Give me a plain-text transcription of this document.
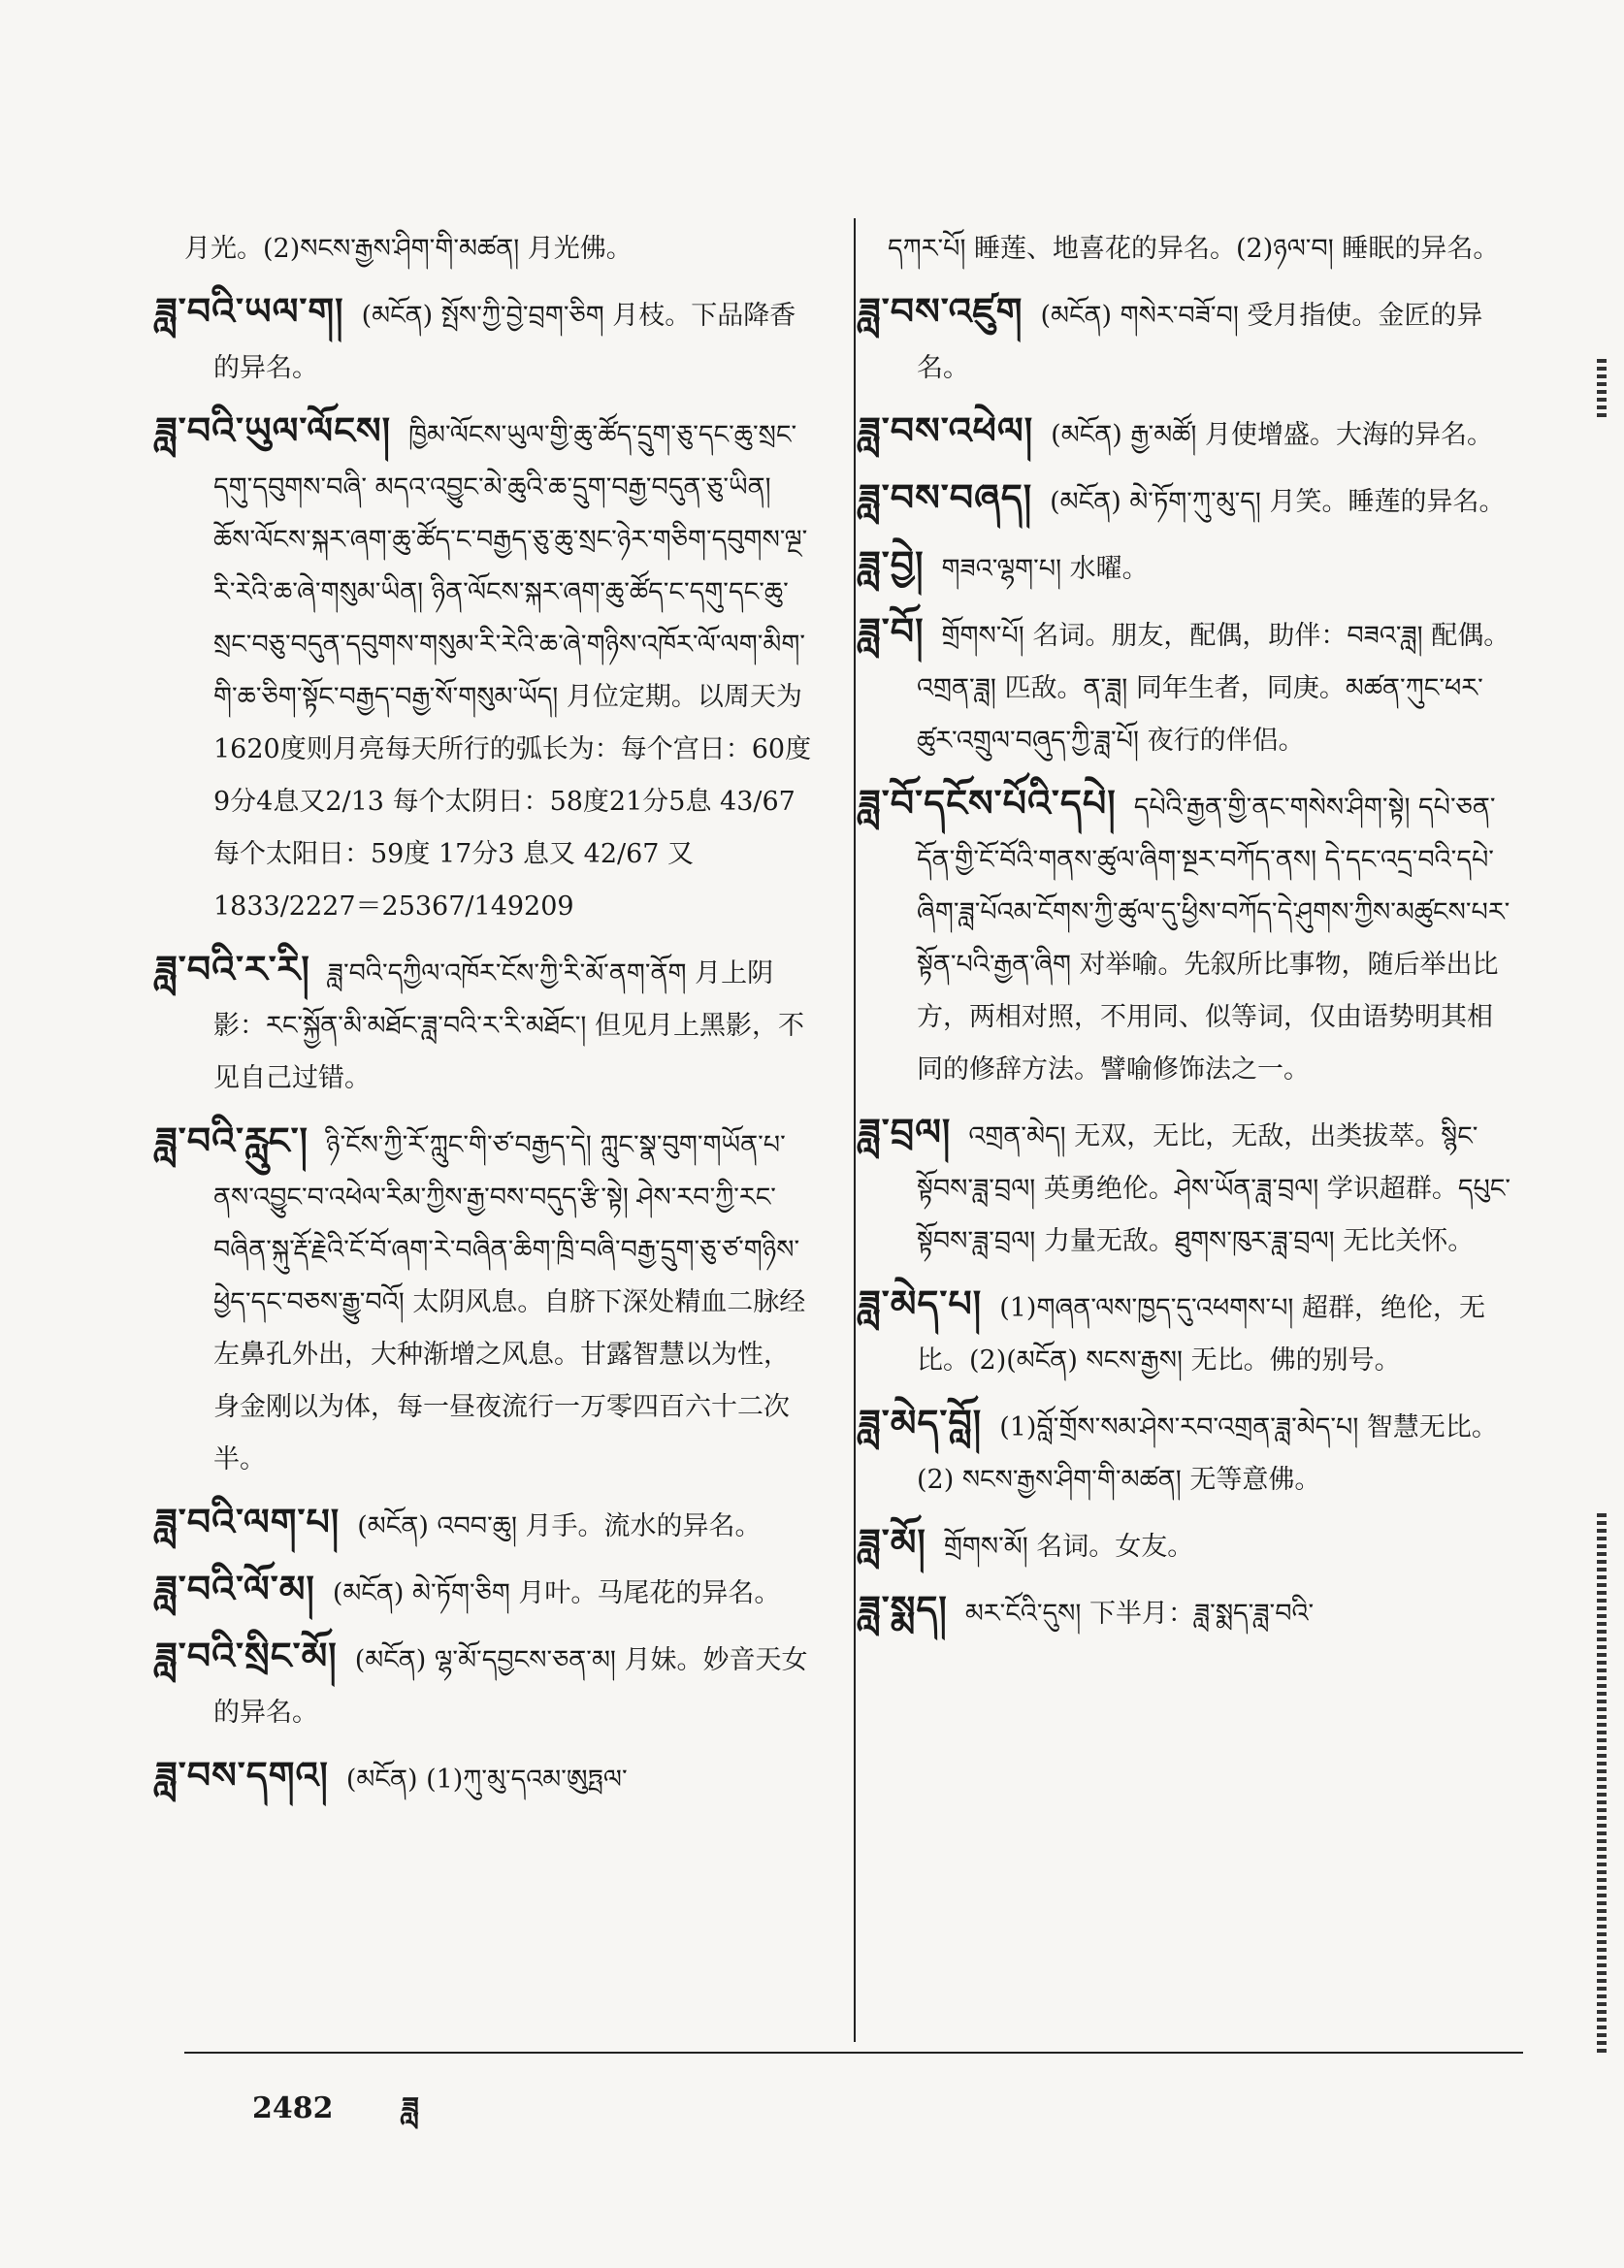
月光。(2)སངས་རྒྱས་ཤིག་གི་མཚན། 月光佛。

ཟླ་བའི་ཡལ་ག། (མངོན) སྤོས་ཀྱི་བྱེ་བྲག་ཅིག 月枝。下品降香的异名。

ཟླ་བའི་ཡུལ་ལོངས། ཁྱིམ་ལོངས་ཡུལ་གྱི་ཆུ་ཚོད་དྲུག་ཅུ་དང་ཆུ་སྲང་དགུ་དབུགས་བཞི་ མདའ་འབྱུང་མེ་ཆུའི་ཆ་དྲུག་བརྒྱ་བདུན་ཅུ་ཡིན། ཆོས་ལོངས་སྐར་ཞག་ཆུ་ཚོད་ང་བརྒྱད་ཅུ་ཆུ་སྲང་ཉེར་གཅིག་དབུགས་ལྔ་རི་རེའི་ཆ་ཞེ་གསུམ་ཡིན། ཉིན་ལོངས་སྐར་ཞག་ཆུ་ཚོད་ང་དགུ་དང་ཆུ་སྲང་བཅུ་བདུན་དབུགས་གསུམ་རི་རེའི་ཆ་ཞེ་གཉིས་འཁོར་ལོ་ལག་མིག་གི་ཆ་ཅིག་སྟོང་བརྒྱད་བརྒྱ་སོ་གསུམ་ཡོད། 月位定期。以周天为1620度则月亮每天所行的弧长为：每个宫日：60度9分4息又2/13 每个太阴日：58度21分5息 43/67 每个太阳日：59度 17分3 息又 42/67 又 1833/2227＝25367/149209

ཟླ་བའི་ར་རི། ཟླ་བའི་དཀྱིལ་འཁོར་ངོས་ཀྱི་རི་མོ་ནག་ནོག 月上阴影：རང་སྐྱོན་མི་མཐོང་ཟླ་བའི་ར་རི་མཐོང་། 但见月上黑影，不见自己过错。

ཟླ་བའི་རླུང་། ཉི་ངོས་ཀྱི་རོ་ཀླུང་གི་ཙ་བརྒྱད་དེ། ཀླུང་སྣ་བུག་གཡོན་པ་ནས་འབྱུང་བ་འཕེལ་རིམ་ཀྱིས་རྒྱ་བས་བདུད་རྩི་སྟེ། ཤེས་རབ་ཀྱི་རང་བཞིན་སྐུ་རྡོ་རྗེའི་ངོ་བོ་ཞག་རེ་བཞིན་ཆིག་ཁྲི་བཞི་བརྒྱ་དྲུག་ཅུ་ཙ་གཉིས་ཕྱེད་དང་བཅས་རྒྱུ་བའོ། 太阴风息。自脐下深处精血二脉经左鼻孔外出，大种渐增之风息。甘露智慧以为性，身金刚以为体，每一昼夜流行一万零四百六十二次半。

ཟླ་བའི་ལག་པ། (མངོན) འབབ་ཆུ། 月手。流水的异名。

ཟླ་བའི་ལོ་མ། (མངོན) མེ་ཏོག་ཅིག 月叶。马尾花的异名。

ཟླ་བའི་སྲིང་མོ། (མངོན) ལྷ་མོ་དབྱངས་ཅན་མ། 月妹。妙音天女的异名。

ཟླ་བས་དགའ། (མངོན) (1)ཀུ་མུ་དའམ་ཨུཏྤལ་

དཀར་པོ། 睡莲、地喜花的异名。(2)ཉལ་བ། 睡眠的异名。

ཟླ་བས་འཛུག (མངོན) གསེར་བཟོ་བ། 受月指使。金匠的异名。

ཟླ་བས་འཕེལ། (མངོན) རྒྱ་མཚོ། 月使增盛。大海的异名。

ཟླ་བས་བཞད། (མངོན) མེ་ཏོག་ཀུ་མུ་ད། 月笑。睡莲的异名。

ཟླ་བྱེ། གཟའ་ལྷག་པ། 水曜。

ཟླ་བོ། གྲོགས་པོ། 名词。朋友，配偶，助伴：བཟའ་ཟླ། 配偶。འགྲན་ཟླ། 匹敌。ན་ཟླ། 同年生者，同庚。མཚན་ཀུང་ཕར་ཚུར་འགྲུལ་བཞུད་ཀྱི་ཟླ་པོ། 夜行的伴侣。

ཟླ་བོ་དངོས་པོའི་དཔེ། དཔེའི་རྒྱན་གྱི་ནང་གསེས་ཤིག་སྟེ། དཔེ་ཅན་དོན་གྱི་ངོ་བོའི་གནས་ཚུལ་ཞིག་སྔར་བཀོད་ནས། དེ་དང་འདྲ་བའི་དཔེ་ཞིག་ཟླ་པོའམ་ངོགས་ཀྱི་ཚུལ་དུ་ཕྱིས་བཀོད་དེ་ཤུགས་ཀྱིས་མཚུངས་པར་སྟོན་པའི་རྒྱན་ཞིག 对举喻。先叙所比事物，随后举出比方，两相对照，不用同、似等词，仅由语势明其相同的修辞方法。譬喻修饰法之一。

ཟླ་བྲལ། འགྲན་མེད། 无双，无比，无敌，出类拔萃。སྙིང་སྟོབས་ཟླ་བྲལ། 英勇绝伦。ཤེས་ཡོན་ཟླ་བྲལ། 学识超群。དཔུང་སྟོབས་ཟླ་བྲལ། 力量无敌。ཐུགས་ཁུར་ཟླ་བྲལ། 无比关怀。

ཟླ་མེད་པ། (1)གཞན་ལས་ཁྱད་དུ་འཕགས་པ། 超群，绝伦，无比。(2)(མངོན) སངས་རྒྱས། 无比。佛的别号。

ཟླ་མེད་བློ། (1)བློ་གྲོས་སམ་ཤེས་རབ་འགྲན་ཟླ་མེད་པ། 智慧无比。(2) སངས་རྒྱས་ཤིག་གི་མཚན། 无等意佛。

ཟླ་མོ། གྲོགས་མོ། 名词。女友。

ཟླ་སྨད། མར་ངོའི་དུས། 下半月：ཟླ་སྨད་ཟླ་བའི་

2482 ཟླ
